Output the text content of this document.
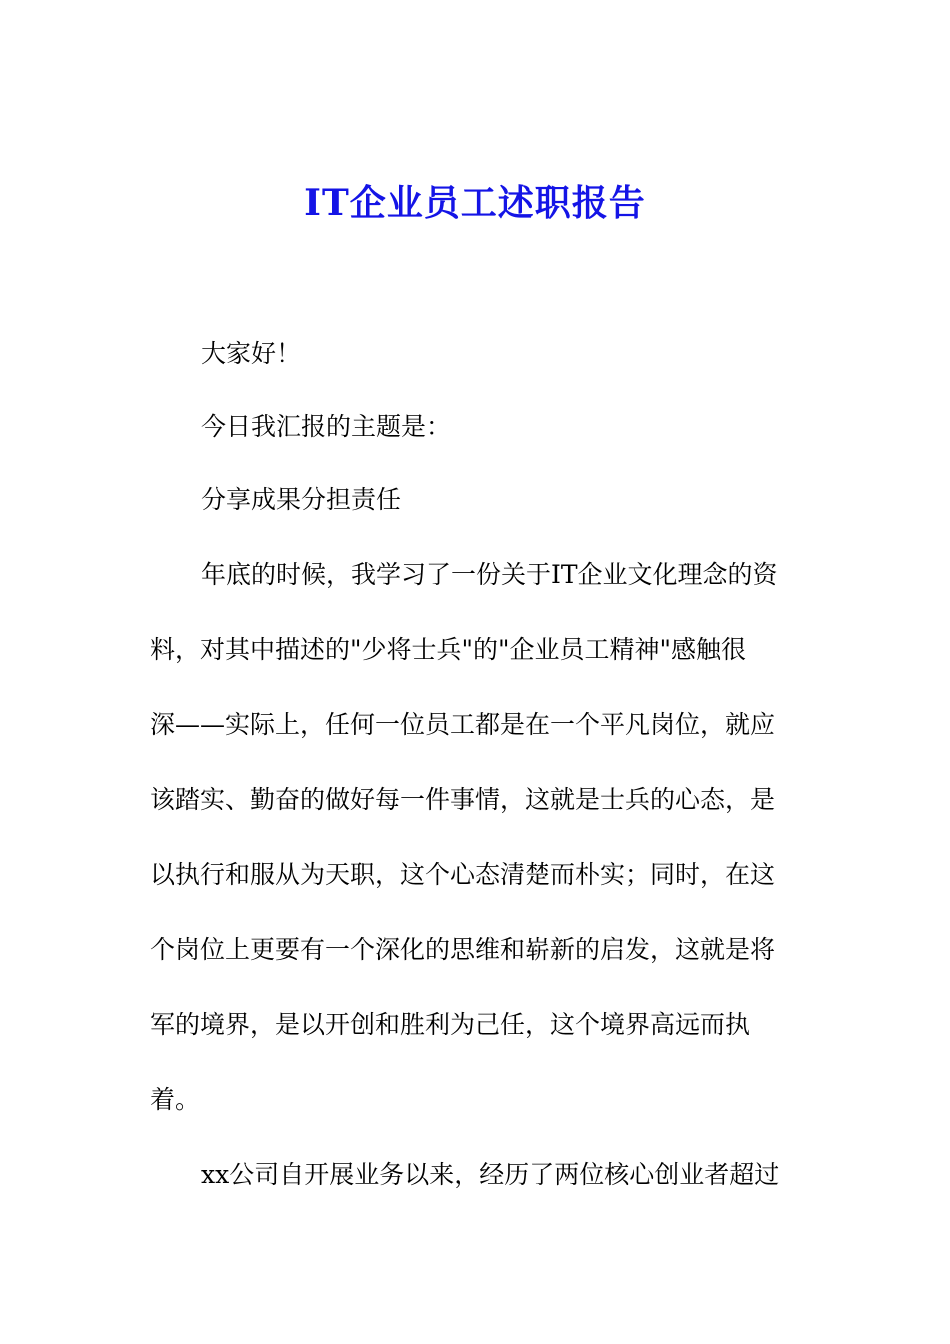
IT企业员工述职报告
大家好！
今日我汇报的主题是：
分享成果分担责任
年底的时候，我学习了一份关于IT企业文化理念的资
料，对其中描述的"少将士兵"的"企业员工精神"感触很
深——实际上，任何一位员工都是在一个平凡岗位，就应
该踏实、勤奋的做好每一件事情，这就是士兵的心态，是
以执行和服从为天职，这个心态清楚而朴实；同时，在这
个岗位上更要有一个深化的思维和崭新的启发，这就是将
军的境界，是以开创和胜利为己任，这个境界高远而执
着。
xx公司自开展业务以来，经历了两位核心创业者超过
